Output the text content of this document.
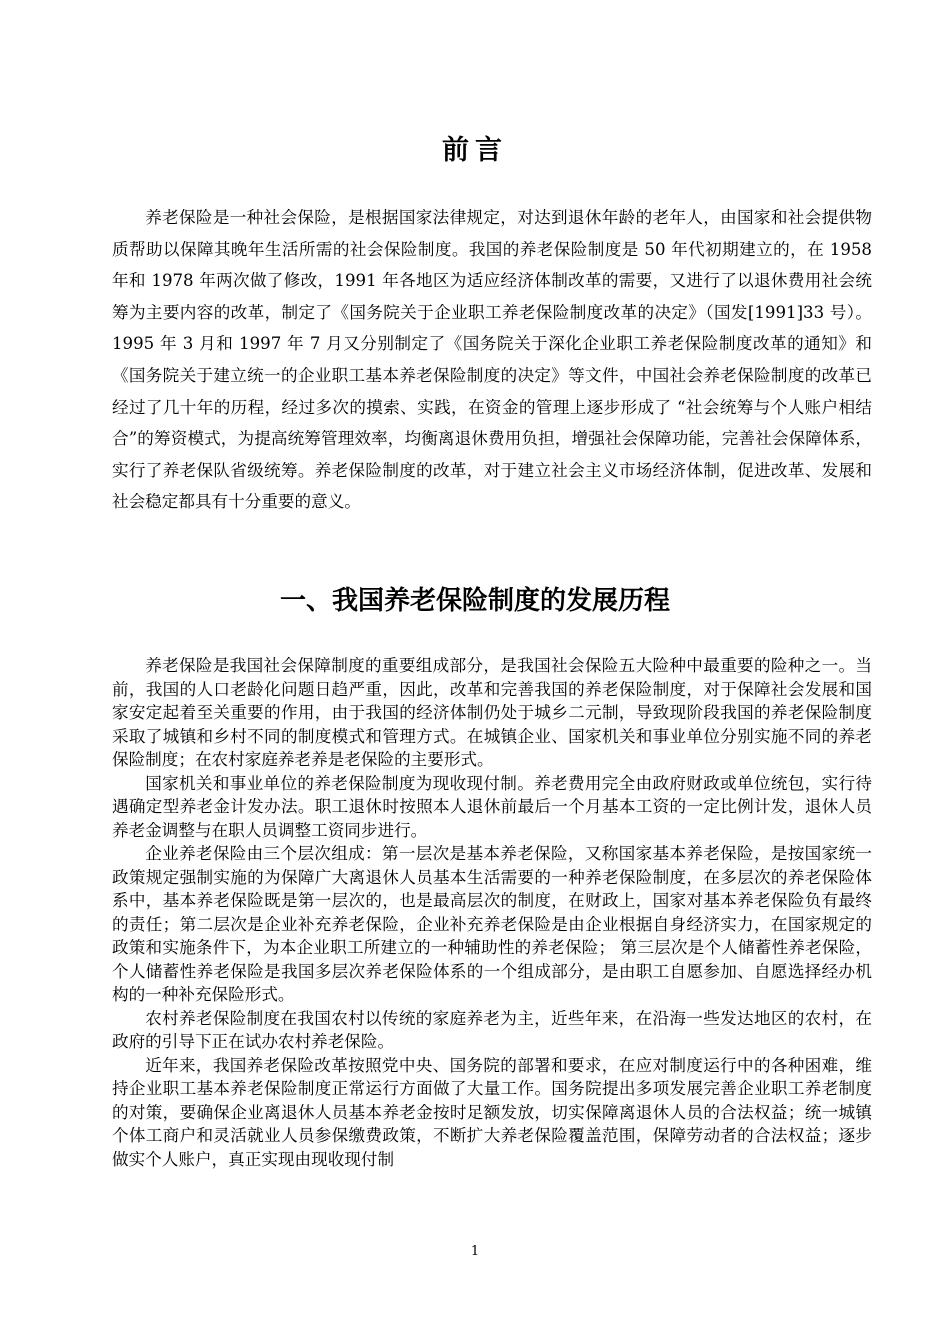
前言

养老保险是一种社会保险，是根据国家法律规定，对达到退休年龄的老年人，由国家和社会提供物质帮助以保障其晚年生活所需的社会保险制度。我国的养老保险制度是 50 年代初期建立的，在 1958 年和 1978 年两次做了修改，1991 年各地区为适应经济体制改革的需要，又进行了以退休费用社会统筹为主要内容的改革，制定了《国务院关于企业职工养老保险制度改革的决定》（国发[1991]33 号）。1995 年 3 月和 1997 年 7 月又分别制定了《国务院关于深化企业职工养老保险制度改革的通知》和《国务院关于建立统一的企业职工基本养老保险制度的决定》等文件，中国社会养老保险制度的改革已经过了几十年的历程，经过多次的摸索、实践，在资金的管理上逐步形成了 “社会统筹与个人账户相结合”的筹资模式，为提高统筹管理效率，均衡离退休费用负担，增强社会保障功能，完善社会保障体系，实行了养老保队省级统筹。养老保险制度的改革，对于建立社会主义市场经济体制，促进改革、发展和社会稳定都具有十分重要的意义。

一、我国养老保险制度的发展历程

养老保险是我国社会保障制度的重要组成部分，是我国社会保险五大险种中最重要的险种之一。当前，我国的人口老龄化问题日趋严重，因此，改革和完善我国的养老保险制度，对于保障社会发展和国家安定起着至关重要的作用，由于我国的经济体制仍处于城乡二元制，导致现阶段我国的养老保险制度采取了城镇和乡村不同的制度模式和管理方式。在城镇企业、国家机关和事业单位分别实施不同的养老保险制度；在农村家庭养老养是老保险的主要形式。

国家机关和事业单位的养老保险制度为现收现付制。养老费用完全由政府财政或单位统包，实行待遇确定型养老金计发办法。职工退休时按照本人退休前最后一个月基本工资的一定比例计发，退休人员养老金调整与在职人员调整工资同步进行。

企业养老保险由三个层次组成：第一层次是基本养老保险，又称国家基本养老保险，是按国家统一政策规定强制实施的为保障广大离退休人员基本生活需要的一种养老保险制度，在多层次的养老保险体系中，基本养老保险既是第一层次的，也是最高层次的制度，在财政上，国家对基本养老保险负有最终的责任；第二层次是企业补充养老保险，企业补充养老保险是由企业根据自身经济实力，在国家规定的政策和实施条件下，为本企业职工所建立的一种辅助性的养老保险； 第三层次是个人储蓄性养老保险，个人储蓄性养老保险是我国多层次养老保险体系的一个组成部分，是由职工自愿参加、自愿选择经办机构的一种补充保险形式。

农村养老保险制度在我国农村以传统的家庭养老为主，近些年来，在沿海一些发达地区的农村，在政府的引导下正在试办农村养老保险。

近年来，我国养老保险改革按照党中央、国务院的部署和要求，在应对制度运行中的各种困难，维持企业职工基本养老保险制度正常运行方面做了大量工作。国务院提出多项发展完善企业职工养老制度的对策，要确保企业离退休人员基本养老金按时足额发放，切实保障离退休人员的合法权益；统一城镇个体工商户和灵活就业人员参保缴费政策，不断扩大养老保险覆盖范围，保障劳动者的合法权益；逐步做实个人账户，真正实现由现收现付制

1
